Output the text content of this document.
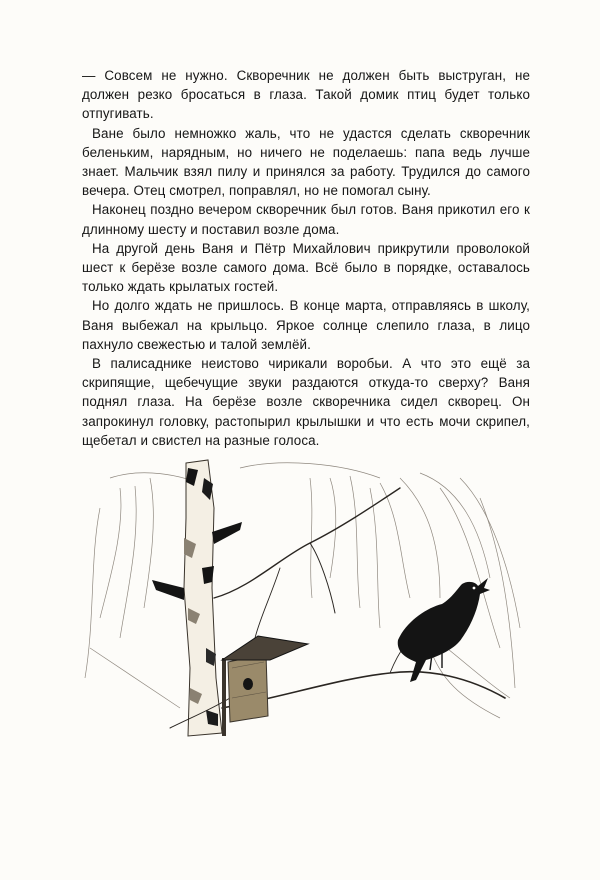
— Совсем не нужно. Скворечник не должен быть выструган, не должен резко бросаться в глаза. Такой домик птиц будет только отпугивать.

Ване было немножко жаль, что не удастся сделать скворечник беленьким, нарядным, но ничего не поделаешь: папа ведь лучше знает. Мальчик взял пилу и принялся за работу. Трудился до самого вечера. Отец смотрел, поправлял, но не помогал сыну.

Наконец поздно вечером скворечник был готов. Ваня прикотил его к длинному шесту и поставил возле дома.

На другой день Ваня и Пётр Михайлович прикрутили проволокой шест к берёзе возле самого дома. Всё было в порядке, оставалось только ждать крылатых гостей.

Но долго ждать не пришлось. В конце марта, отправляясь в школу, Ваня выбежал на крыльцо. Яркое солнце слепило глаза, в лицо пахнуло свежестью и талой землёй.

В палисаднике неистово чирикали воробьи. А что это ещё за скрипящие, щебечущие звуки раздаются откуда-то сверху? Ваня поднял глаза. На берёзе возле скворечника сидел скворец. Он запрокинул головку, растопырил крылышки и что есть мочи скрипел, щебетал и свистел на разные голоса.
